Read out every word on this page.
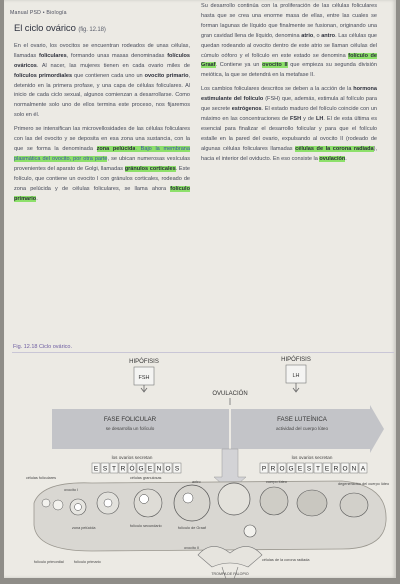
Manual PSD • Biología
El ciclo ovárico (fig. 12.18)

En el ovario, los ovocitos se encuentran rodeados de unas células, llamadas foliculares, formando unas masas denominadas folículos ováricos. Al nacer, las mujeres tienen en cada ovario miles de folículos primordiales que contienen cada uno un ovocito primario, detenido en la primera profase, y una capa de células foliculares. Al inicio de cada ciclo sexual, algunos comienzan a desarrollarse. Como normalmente solo uno de ellos termina este proceso, nos fijaremos solo en él.

Primero se intensifican las microvellosidades de las células foliculares con las del ovocito y se deposita en esa zona una sustancia, con la que se forma la denominada zona pelúcida. Bajo la membrana plasmática del ovocito, por otra parte, se ubican numerosas vesículas provenientes del aparato de Golgi, llamadas gránulos corticales. Este folículo, que contiene un ovocito I con gránulos corticales, rodeado de zona pelúcida y de células foliculares, se llama ahora folículo primario.

Su desarrollo continúa con la proliferación de las células foliculares hasta que se crea una enorme masa de ellas, entre las cuales se forman lagunas de líquido que finalmente se fusionan, originando una gran cavidad llena de líquido, denomina atrio, o antro. Las células que quedan rodeando al ovocito dentro de este atrio se llaman células del cúmulo oóforo y el folículo en este estado se denomina folículo de Graaf. Contiene ya un ovocito II que empieza su segunda división meiótica, la que se detendrá en la metafase II.

Los cambios foliculares descritos se deben a la acción de la hormona estimulante del folículo (FSH) que, además, estimula al folículo para que secrete estrógenos. El estado maduro del folículo coincide con un máximo en las concentraciones de FSH y de LH. El de esta última es esencial para finalizar el desarrollo folicular y para que el folículo estalle en la pared del ovario, expulsando al ovocito II (rodeado de algunas células foliculares llamadas células de la corona radiada), hacia el interior del oviducto. En eso consiste la ovulación.

Fig. 12.18 Ciclo ovárico.
HIPÓFISIS
FSH
HIPÓFISIS
LH
OVULACIÓN
FASE FOLICULAR
se desarrolla un folículo
FASE LUTEÍNICA
actividad del cuerpo lúteo
los ovarios secretan	los ovarios secretan
E S T R Ó G E N O S	P R O G E S T E R O N A
células foliculares
ovocito I
células granulosas
folículo secundario
zona pelúcida
antro
folículo de Graaf
folículo primordial	folículo primario
ovocito II
cuerpo lúteo	degeneración del cuerpo lúteo
células de la corona radiada
TROMPA DE FALOPIO
